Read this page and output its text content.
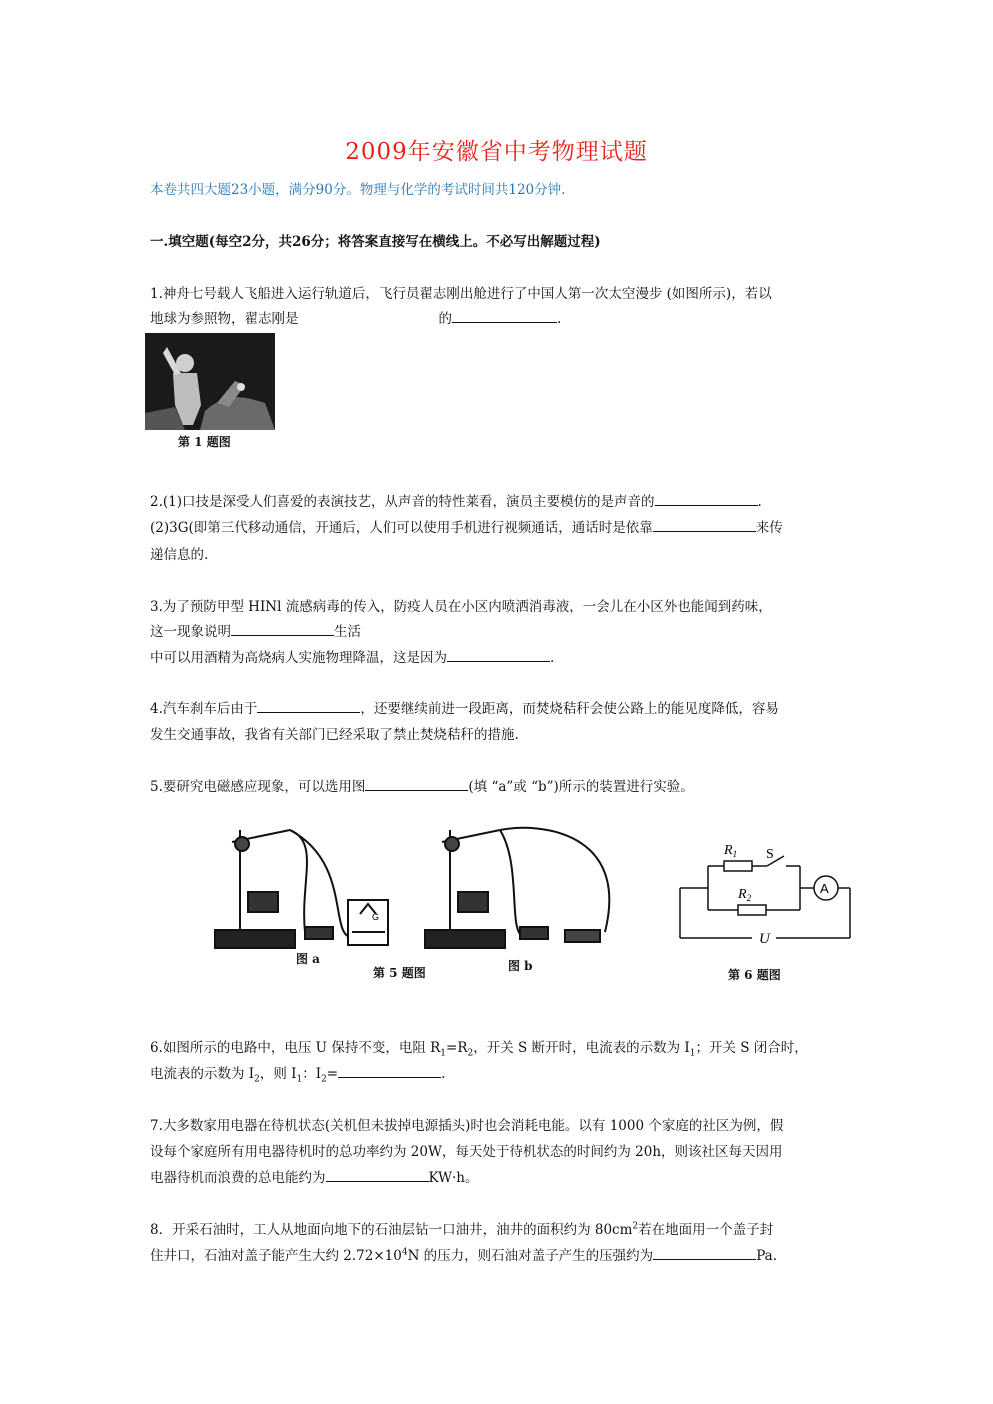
2009年安徽省中考物理试题
本卷共四大题23小题，满分90分。物理与化学的考试时间共120分钟.
一.填空题(每空2分，共26分；将答案直接写在横线上。不必写出解题过程)
1.神舟七号载人飞船进入运行轨道后，飞行员翟志刚出舱进行了中国人第一次太空漫步 (如图所示)，若以
地球为参照物，翟志刚是	的	.
第 1 题图
2.(1)口技是深受人们喜爱的表演技艺，从声音的特性莱看，演员主要模仿的是声音的	.
(2)3G(即第三代移动通信，开通后，人们可以使用手机进行视频通话，通话时是依靠	来传
递信息的.
3.为了预防甲型 HINl 流感病毒的传入，防疫人员在小区内喷洒消毒液，一会儿在小区外也能闻到药味，
这一现象说明	生活
中可以用酒精为高烧病人实施物理降温，这是因为	.
4.汽车刹车后由于	，还要继续前进一段距离，而焚烧秸秆会使公路上的能见度降低，容易
发生交通事故，我省有关部门已经采取了禁止焚烧秸秆的措施.
5.要研究电磁感应现象，可以选用图	(填 “a”或 “b”)所示的装置进行实验。
G
图 a	图 b
第 5 题图
$R_1$ S
$R_2$
A
U
第 6 题图
6.如图所示的电路中，电压 U 保持不变，电阻 $R_1=R_2$，开关 S 断开时，电流表的示数为 $I_1$；开关 S 闭合时，
电流表的示数为 $I_2$，则 $I_1$：$I_2=$	.
7.大多数家用电器在待机状态(关机但未拔掉电源插头)时也会消耗电能。以有 1000 个家庭的社区为例，假
设每个家庭所有用电器待机时的总功率约为 20W，每天处于待机状态的时间约为 20h，则该社区每天因用
电器待机而浪费的总电能约为	KW·h。
8．开采石油时，工人从地面向地下的石油层钻一口油井，油井的面积约为 $80cm^2$若在地面用一个盖子封
住井口，石油对盖子能产生大约 $2.72\times 10^4N$ 的压力，则石油对盖子产生的压强约为	Pa.
